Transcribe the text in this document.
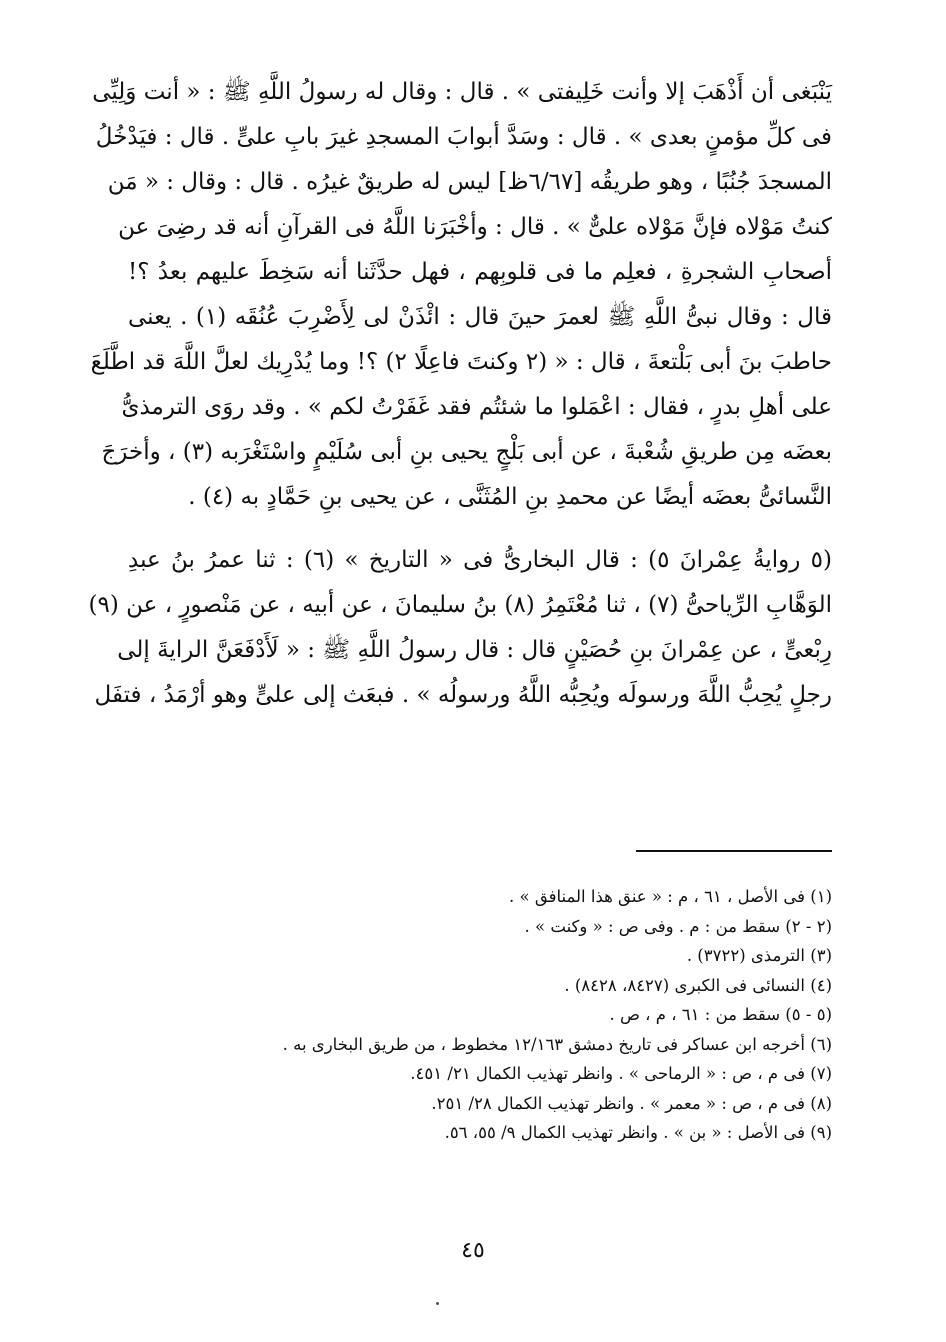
يَنْبَغى أن أَذْهَبَ إلا وأنت خَلِيفتى » . قال : وقال له رسولُ اللَّهِ ﷺ : « أنت وَلِيِّى
فى كلِّ مؤمنٍ بعدى » . قال : وسَدَّ أبوابَ المسجدِ غيرَ بابِ علىٍّ . قال : فيَدْخُلُ
المسجدَ جُنُبًا ، وهو طريقُه [٦/٦٧ظ] ليس له طريقٌ غيرُه . قال : وقال : « مَن
كنتُ مَوْلاه فإنَّ مَوْلاه علىٌّ » . قال : وأخْبَرَنا اللَّهُ فى القرآنِ أنه قد رضِىَ عن
أصحابِ الشجرةِ ، فعلِم ما فى قلوبِهم ، فهل حدَّثَنا أنه سَخِطَ عليهم بعدُ ؟!
قال : وقال نبىُّ اللَّهِ ﷺ لعمرَ حينَ قال : ائْذَنْ لى لِأَضْرِبَ عُنُقَه (١) . يعنى
حاطبَ بنَ أبى بَلْتعةَ ، قال : « (٢ وكنتَ فاعِلًا ٢) ؟! وما يُدْرِيك لعلَّ اللَّهَ قد اطَّلَعَ
على أهلِ بدرٍ ، فقال : اعْمَلوا ما شئتُم فقد غَفَرْتُ لكم » . وقد روَى الترمذىُّ
بعضَه مِن طريقِ شُعْبةَ ، عن أبى بَلْجٍ يحيى بنِ أبى سُلَيْمٍ واسْتَغْرَبه (٣) ، وأخرَجَ
النَّسائىُّ بعضَه أيضًا عن محمدِ بنِ المُثَنَّى ، عن يحيى بنِ حَمَّادٍ به (٤) .
(٥ روايةُ عِمْرانَ ٥) : قال البخارىُّ فى « التاريخ » (٦) : ثنا عمرُ بنُ عبدِ
الوَهَّابِ الرِّياحىُّ (٧) ، ثنا مُعْتَمِرُ (٨) بنُ سليمانَ ، عن أبيه ، عن مَنْصورٍ ، عن (٩)
رِبْعىٍّ ، عن عِمْرانَ بنِ حُصَيْنٍ قال : قال رسولُ اللَّهِ ﷺ : « لَأَدْفَعَنَّ الرايةَ إلى
رجلٍ يُحِبُّ اللَّهَ ورسولَه ويُحِبُّه اللَّهُ ورسولُه » . فبعَث إلى علىٍّ وهو أرْمَدُ ، فتفَل
(١) فى الأصل ، ٦١ ، م : « عنق هذا المنافق » .
(٢ - ٢) سقط من : م . وفى ص : « وكنت » .
(٣) الترمذى (٣٧٢٢) .
(٤) النسائى فى الكبرى (٨٤٢٧، ٨٤٢٨) .
(٥ - ٥) سقط من : ٦١ ، م ، ص .
(٦) أخرجه ابن عساكر فى تاريخ دمشق ١٢/١٦٣ مخطوط ، من طريق البخارى به .
(٧) فى م ، ص : « الرماحى » . وانظر تهذيب الكمال ٢١/ ٤٥١.
(٨) فى م ، ص : « معمر » . وانظر تهذيب الكمال ٢٨/ ٢٥١.
(٩) فى الأصل : « بن » . وانظر تهذيب الكمال ٩/ ٥٥، ٥٦.
٤٥
